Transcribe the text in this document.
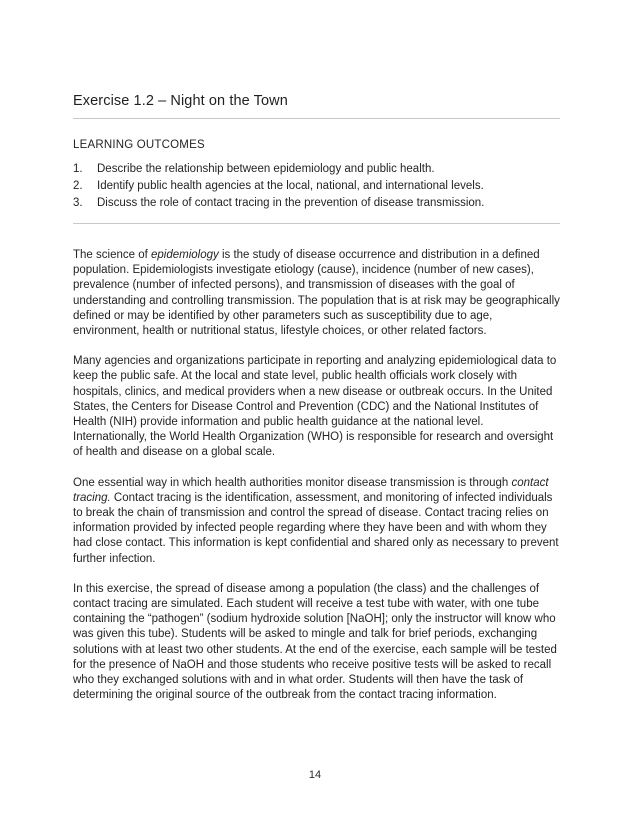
Exercise 1.2 – Night on the Town
LEARNING OUTCOMES
1.	Describe the relationship between epidemiology and public health.
2.	Identify public health agencies at the local, national, and international levels.
3.	Discuss the role of contact tracing in the prevention of disease transmission.

The science of epidemiology is the study of disease occurrence and distribution in a defined population. Epidemiologists investigate etiology (cause), incidence (number of new cases), prevalence (number of infected persons), and transmission of diseases with the goal of understanding and controlling transmission. The population that is at risk may be geographically defined or may be identified by other parameters such as susceptibility due to age, environment, health or nutritional status, lifestyle choices, or other related factors.

Many agencies and organizations participate in reporting and analyzing epidemiological data to keep the public safe. At the local and state level, public health officials work closely with hospitals, clinics, and medical providers when a new disease or outbreak occurs. In the United States, the Centers for Disease Control and Prevention (CDC) and the National Institutes of Health (NIH) provide information and public health guidance at the national level. Internationally, the World Health Organization (WHO) is responsible for research and oversight of health and disease on a global scale.

One essential way in which health authorities monitor disease transmission is through contact tracing. Contact tracing is the identification, assessment, and monitoring of infected individuals to break the chain of transmission and control the spread of disease. Contact tracing relies on information provided by infected people regarding where they have been and with whom they had close contact. This information is kept confidential and shared only as necessary to prevent further infection.

In this exercise, the spread of disease among a population (the class) and the challenges of contact tracing are simulated. Each student will receive a test tube with water, with one tube containing the “pathogen” (sodium hydroxide solution [NaOH]; only the instructor will know who was given this tube). Students will be asked to mingle and talk for brief periods, exchanging solutions with at least two other students. At the end of the exercise, each sample will be tested for the presence of NaOH and those students who receive positive tests will be asked to recall who they exchanged solutions with and in what order. Students will then have the task of determining the original source of the outbreak from the contact tracing information.

14
